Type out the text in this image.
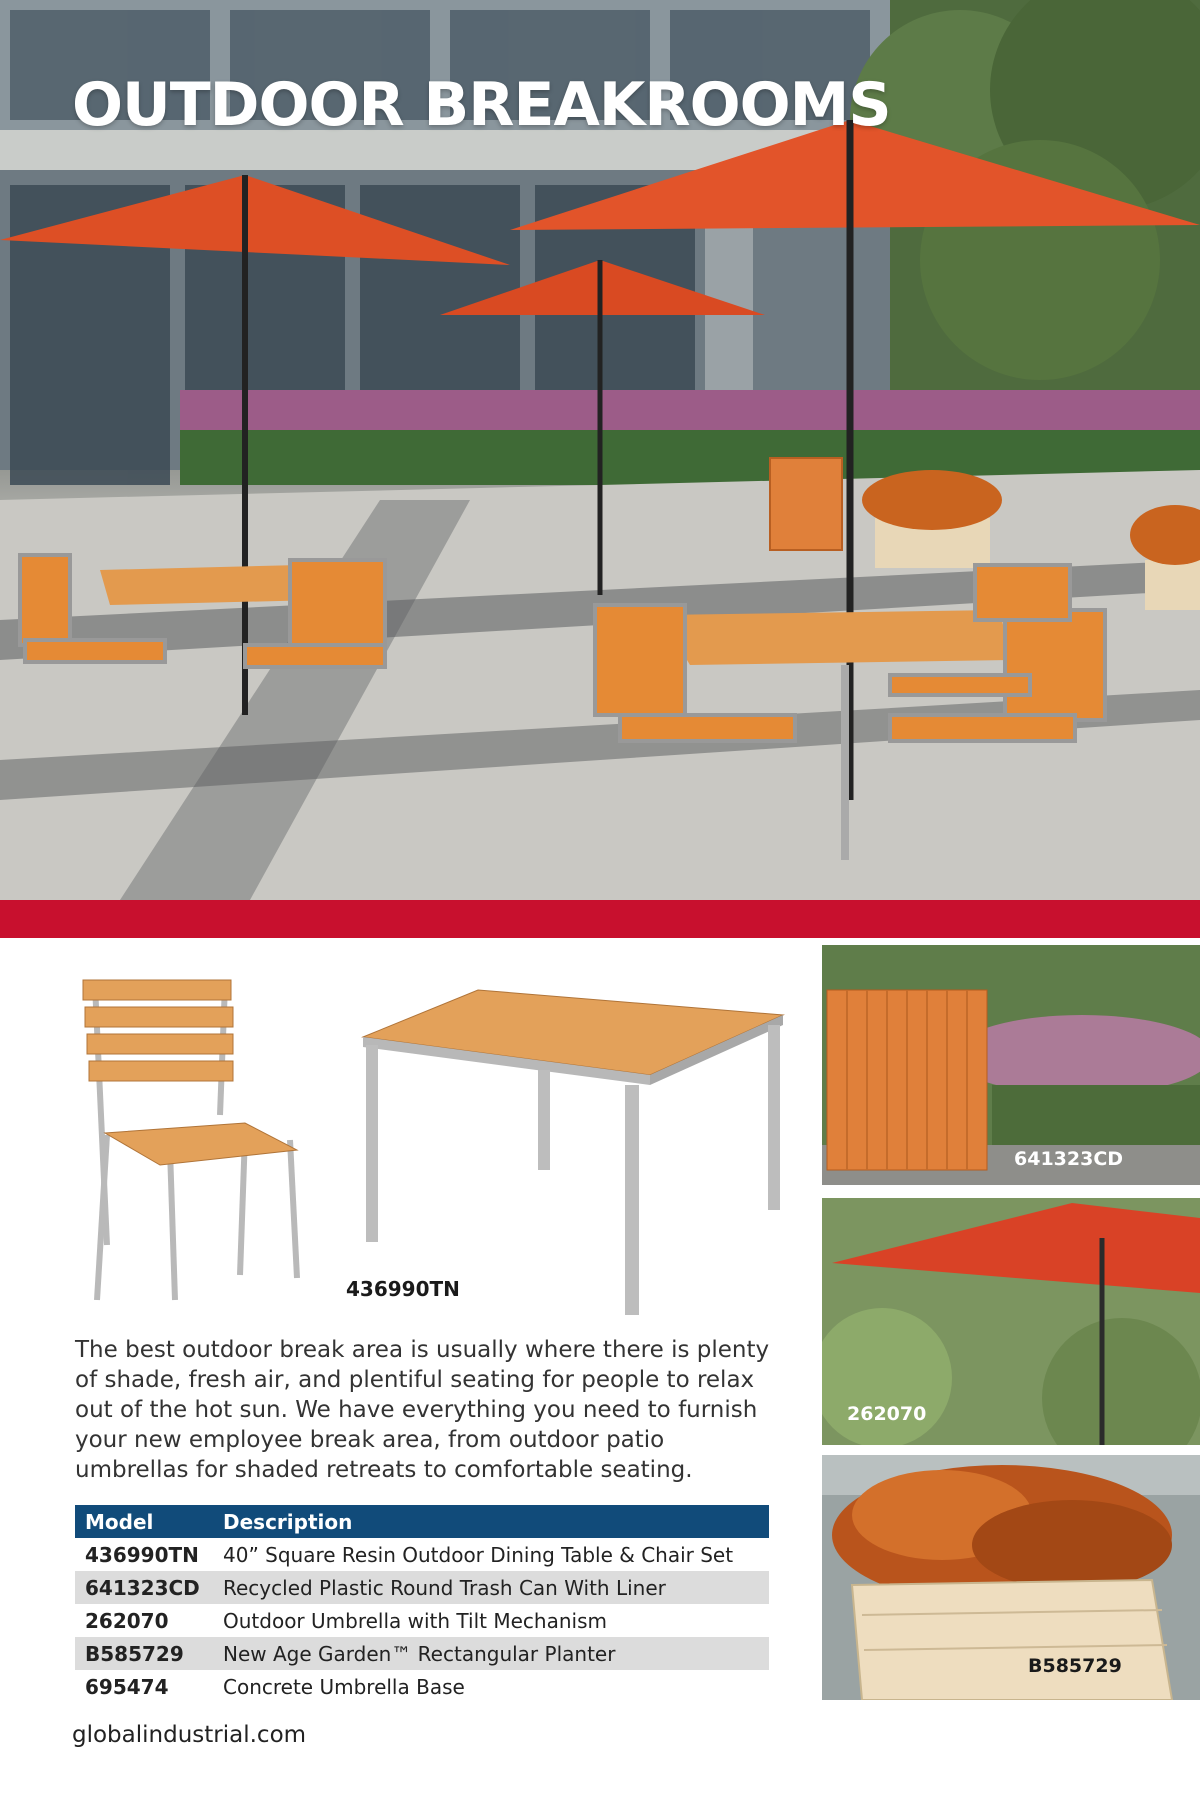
OUTDOOR BREAKROOMS
436990TN
The best outdoor break area is usually where there is plenty of shade, fresh air, and plentiful seating for people to relax out of the hot sun. We have everything you need to furnish your new employee break area, from outdoor patio umbrellas for shaded retreats to comfortable seating.
Model	Description
436990TN	40” Square Resin Outdoor Dining Table & Chair Set
641323CD	Recycled Plastic Round Trash Can With Liner
262070	Outdoor Umbrella with Tilt Mechanism
B585729	New Age Garden™ Rectangular Planter
695474	Concrete Umbrella Base
globalindustrial.com
641323CD
262070
B585729
